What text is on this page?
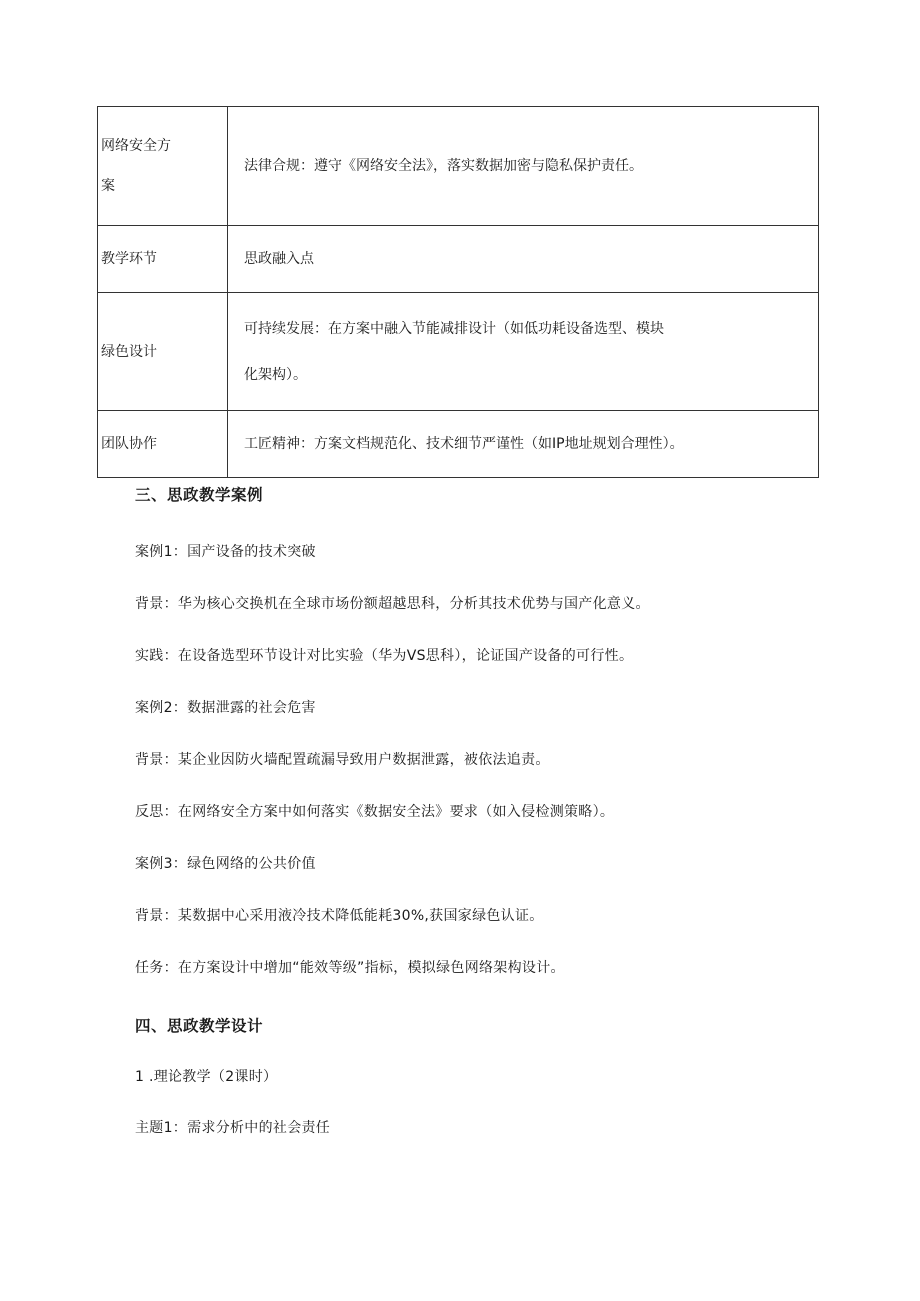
网络安全方
案	法律合规：遵守《网络安全法》，落实数据加密与隐私保护责任。
教学环节	思政融入点
绿色设计	可持续发展：在方案中融入节能减排设计（如低功耗设备选型、模块
化架构）。

团队协作	工匠精神：方案文档规范化、技术细节严谨性（如IP地址规划合理性）。
三、思政教学案例
案例1：国产设备的技术突破
背景：华为核心交换机在全球市场份额超越思科，分析其技术优势与国产化意义。
实践：在设备选型环节设计对比实验（华为VS思科），论证国产设备的可行性。
案例2：数据泄露的社会危害
背景：某企业因防火墙配置疏漏导致用户数据泄露，被依法追责。
反思：在网络安全方案中如何落实《数据安全法》要求（如入侵检测策略）。
案例3：绿色网络的公共价值
背景：某数据中心采用液冷技术降低能耗30%,获国家绿色认证。
任务：在方案设计中增加“能效等级”指标，模拟绿色网络架构设计。
四、思政教学设计
1 .理论教学（2课时）
主题1：需求分析中的社会责任
